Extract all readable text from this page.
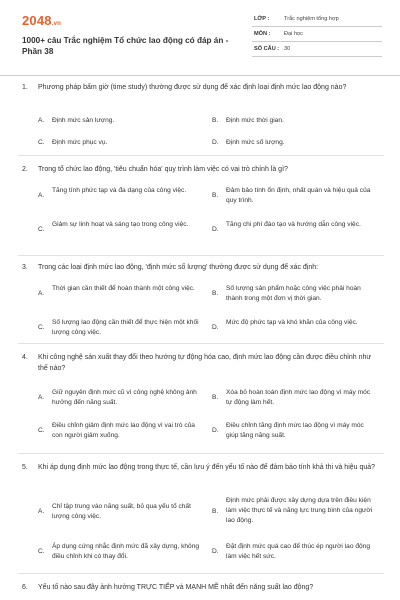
2048.vn
1000+ câu Trắc nghiệm Tổ chức lao động có đáp án - Phần 38
LỚP :	Trắc nghiệm tổng hợp
MÔN : Đại học
SỐ CÂU : 30
1. Phương pháp bấm giờ (time study) thường được sử dụng để xác định loại định mức lao động nào?
A. Định mức sản lượng.	B. Định mức thời gian.
C. Định mức phục vụ.	D. Định mức số lượng.
2. Trong tổ chức lao động, 'tiêu chuẩn hóa' quy trình làm việc có vai trò chính là gì?
A.
Tăng tính phức tạp và đa dạng của công việc.
B.
Đảm bảo tính ổn định, nhất quán và hiệu quả của quy trình.
C.
Giảm sự linh hoạt và sáng tạo trong công việc.
D.
Tăng chi phí đào tạo và hướng dẫn công việc.
3. Trong các loại định mức lao động, 'định mức số lượng' thường được sử dụng để xác định:
A.
Thời gian cần thiết để hoàn thành một công việc.
B.
Số lượng sản phẩm hoặc công việc phải hoàn thành trong một đơn vị thời gian.
C.
Số lượng lao động cần thiết để thực hiện một khối lượng công việc.
D.
Mức độ phức tạp và khó khăn của công việc.
4. Khi công nghệ sản xuất thay đổi theo hướng tự động hóa cao, định mức lao động cần được điều chỉnh như thế nào?
A.
Giữ nguyên định mức cũ vì công nghệ không ảnh hưởng đến năng suất.
B.
Xóa bỏ hoàn toàn định mức lao động vì máy móc tự động làm hết.
C.
Điều chỉnh giảm định mức lao động vì vai trò của con người giảm xuống.
D.
Điều chỉnh tăng định mức lao động vì máy móc giúp tăng năng suất.
5. Khi áp dụng định mức lao động trong thực tế, cần lưu ý đến yếu tố nào để đảm bảo tính khả thi và hiệu quả?
A.
Chỉ tập trung vào năng suất, bỏ qua yếu tố chất lượng công việc.
B.
Định mức phải được xây dựng dựa trên điều kiện làm việc thực tế và năng lực trung bình của người lao động.
C.
Áp dụng cứng nhắc định mức đã xây dựng, không điều chỉnh khi có thay đổi.
D.
Đặt định mức quá cao để thúc ép người lao động làm việc hết sức.
6. Yếu tố nào sau đây ảnh hưởng TRỰC TIẾP và MẠNH MẼ nhất đến năng suất lao động?
